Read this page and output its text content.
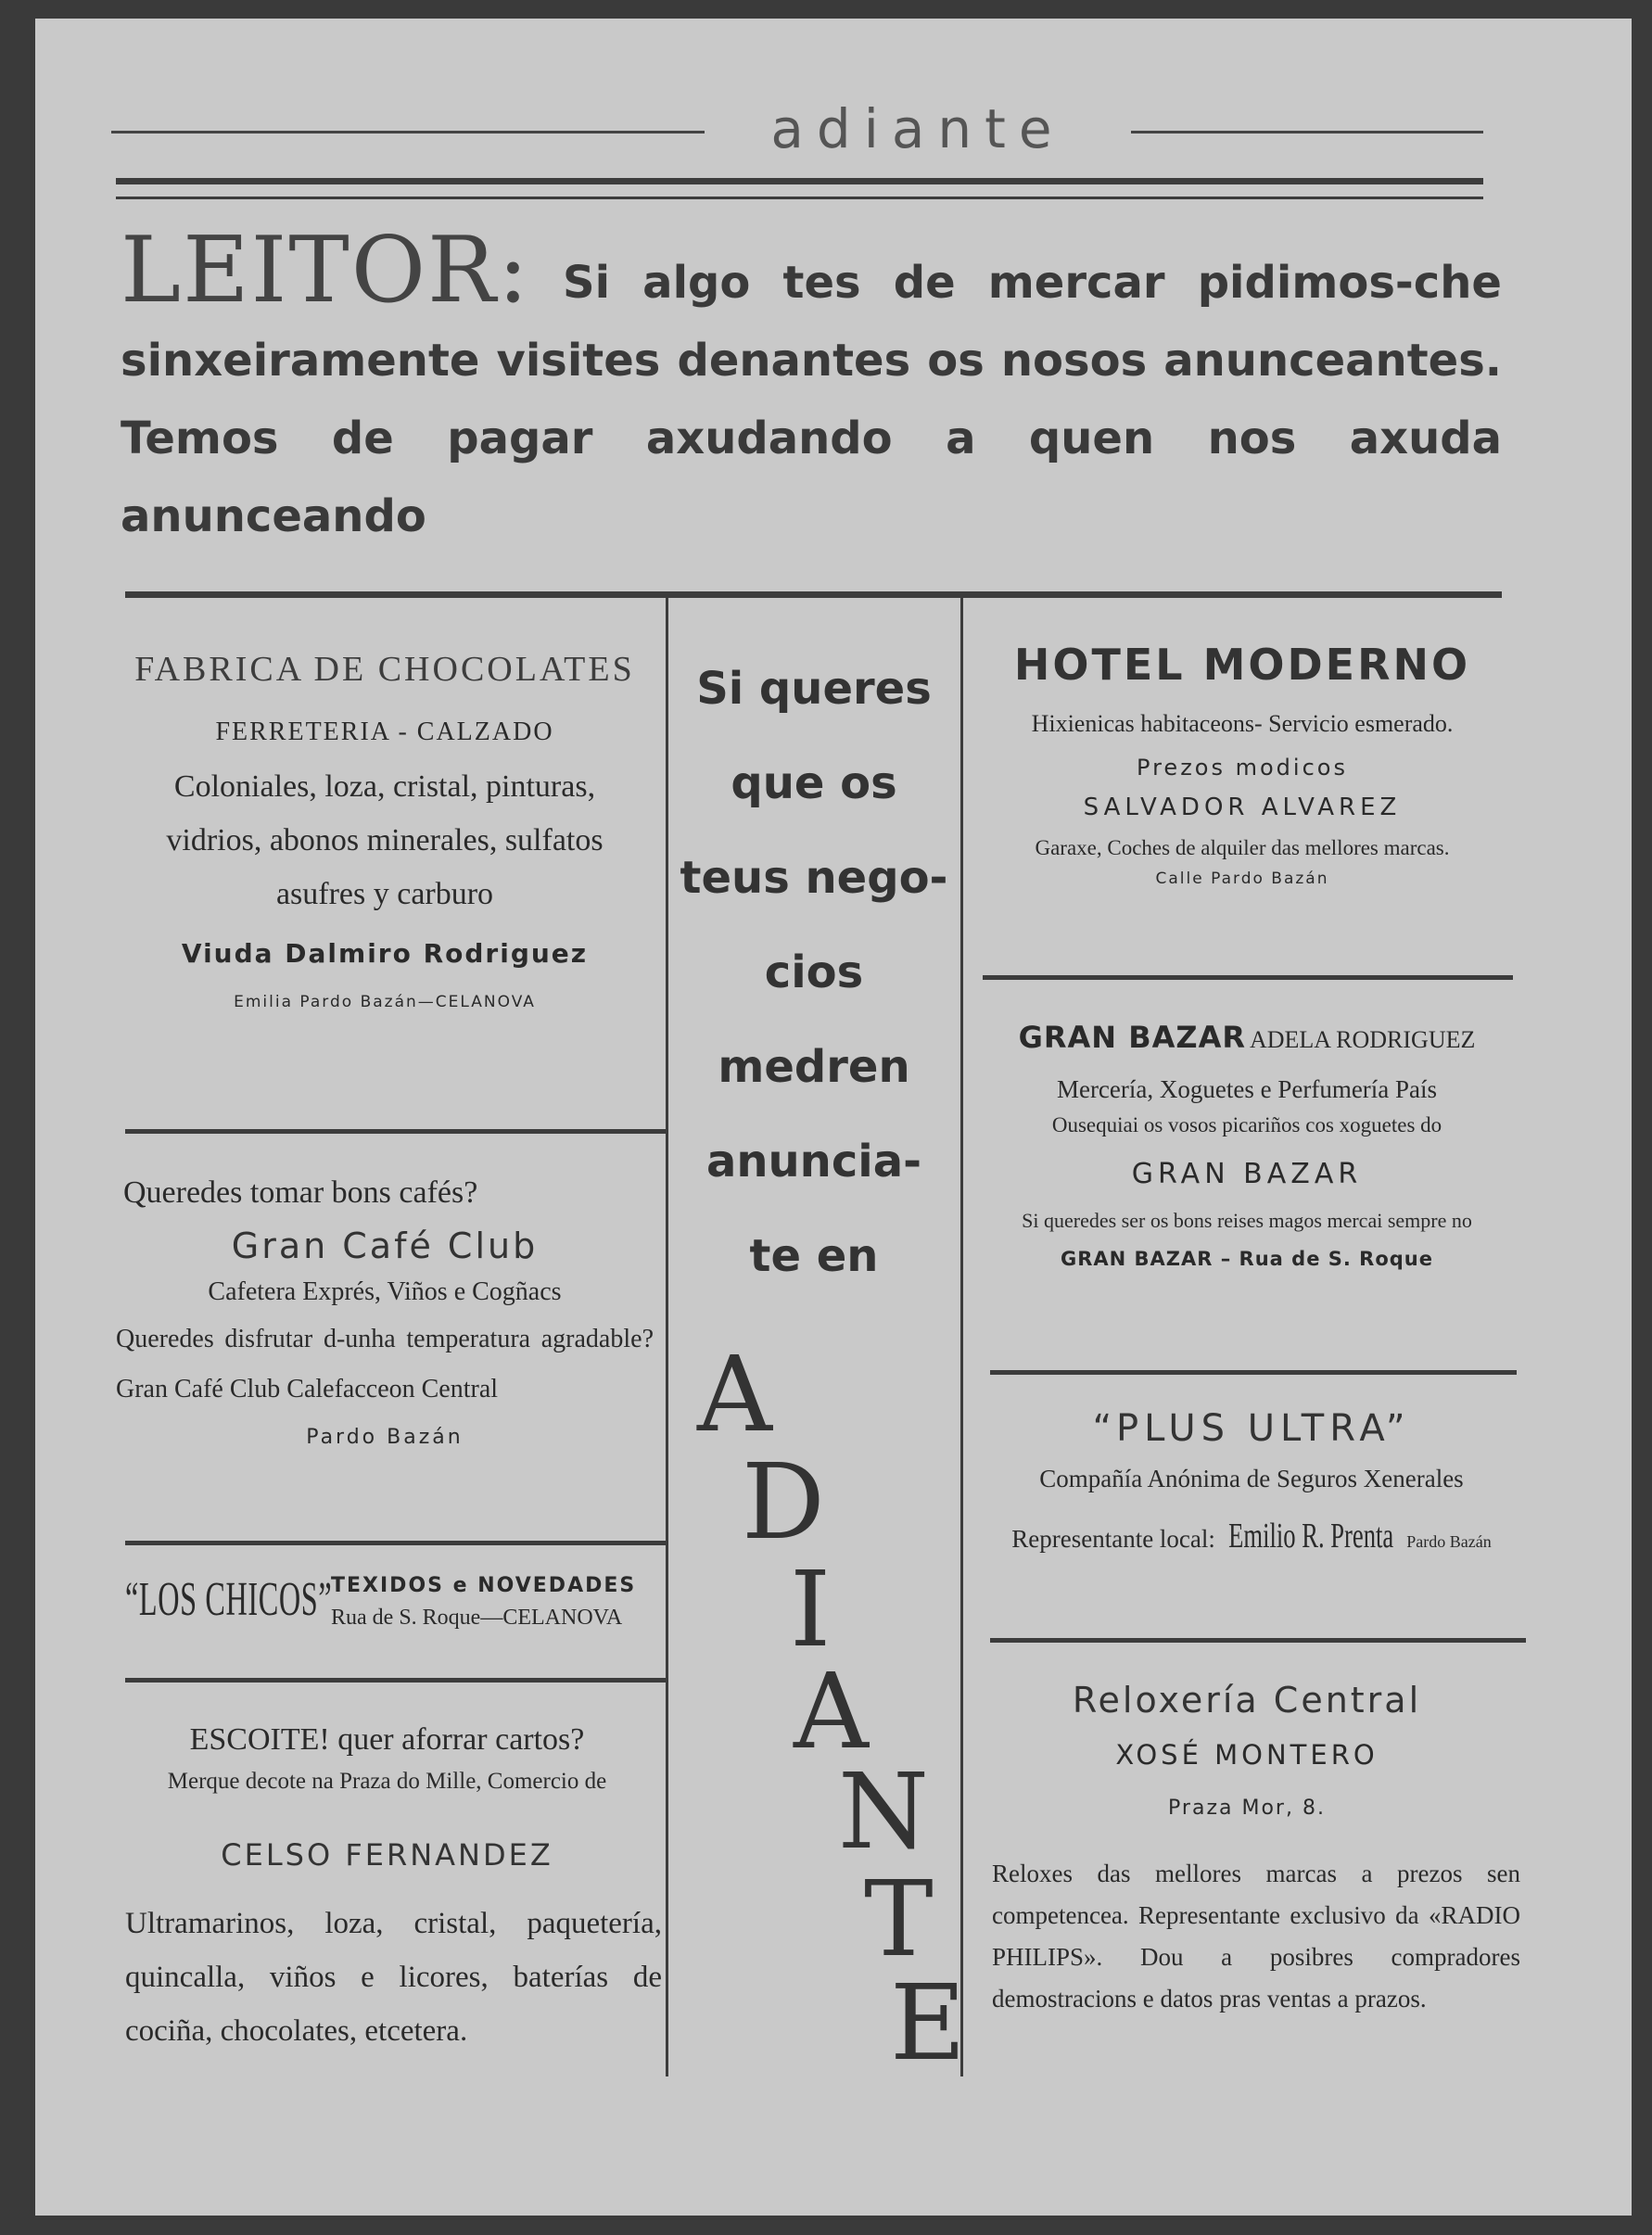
adiante
LEITOR: Si algo tes de mercar pidimos-che sinxeiramente visites denantes os nosos anunceantes. Temos de pagar axudando a quen nos axuda anunceando
FABRICA DE CHOCOLATES
FERRETERIA - CALZADO
Coloniales, loza, cristal, pinturas, vidrios, abonos minerales, sulfatos asufres y carburo
Viuda Dalmiro Rodriguez
Emilia Pardo Bazán—CELANOVA
Queredes tomar bons cafés?
Gran Café Club
Cafetera Exprés, Viños e Cogñacs
Queredes disfrutar d-unha temperatura agradable? Gran Café Club Calefacceon Central
Pardo Bazán
“LOS CHICOS”
TEXIDOS e NOVEDADES
Rua de S. Roque—CELANOVA
ESCOITE! quer aforrar cartos?
Merque decote na Praza do Mille, Comercio de
CELSO FERNANDEZ
Ultramarinos, loza, cristal, paquetería, quincalla, viños e licores, baterías de cociña, chocolates, etcetera.
Si queres
que os
teus nego-
cios
medren
anuncia-
te en
A
D
I
A
N
T
E
HOTEL MODERNO
Hixienicas habitaceons- Servicio esmerado.
Prezos modicos
SALVADOR ALVAREZ
Garaxe, Coches de alquiler das mellores marcas.
Calle Pardo Bazán
GRAN BAZAR ADELA RODRIGUEZ
Mercería, Xoguetes e Perfumería País
Ousequiai os vosos picariños cos xoguetes do
GRAN BAZAR
Si queredes ser os bons reises magos mercai sempre no
GRAN BAZAR – Rua de S. Roque
“PLUS ULTRA”
Compañía Anónima de Seguros Xenerales
Representante local: Emilio R. Prenta Pardo Bazán
Reloxería Central
XOSÉ MONTERO
Praza Mor, 8.
Reloxes das mellores marcas a prezos sen competencea. Representante exclusivo da «RADIO PHILIPS». Dou a posibres compradores demostracions e datos pras ventas a prazos.
